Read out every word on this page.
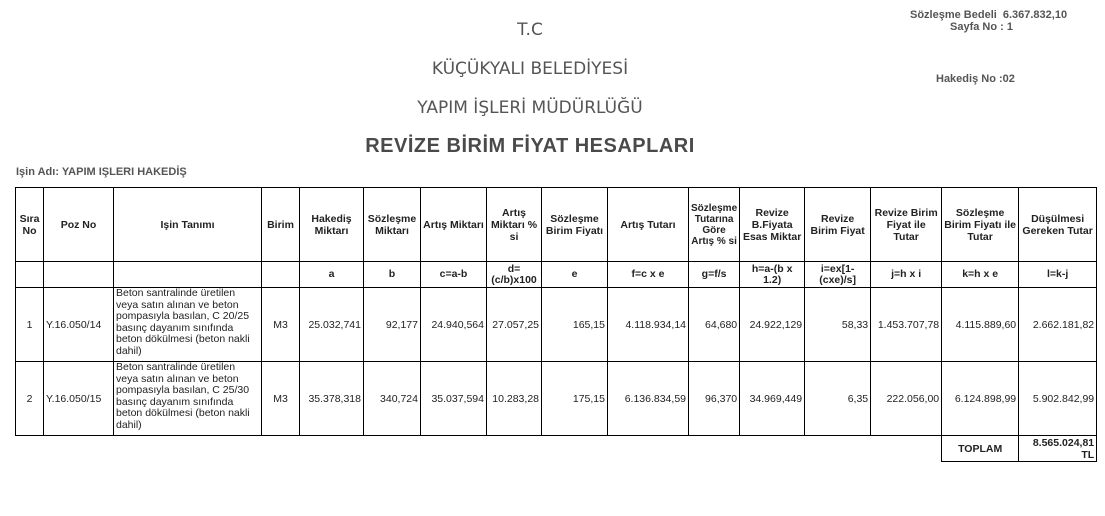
T.C
KÜÇÜKYALI BELEDİYESİ
YAPIM İŞLERİ MÜDÜRLÜĞÜ
REVİZE BİRİM FİYAT HESAPLARI
Sözleşme Bedeli 6.367.832,10
Sayfa No : 1
Hakediş No :02
Işin Adı: YAPIM IŞLERI HAKEDİŞ
Sıra No	Poz No	Işin Tanımı	Birim	Hakediş Miktarı	Sözleşme Miktarı	Artış Miktarı	Artış Miktarı % si	Sözleşme Birim Fiyatı	Artış Tutarı	Sözleşme Tutarına Göre Artış % si	Revize B.Fiyata Esas Miktar	Revize Birim Fiyat	Revize Birim Fiyat ile Tutar	Sözleşme Birim Fiyatı ile Tutar	Düşülmesi Gereken Tutar
				a	b	c=a-b	d=(c/b)x100	e	f=c x e	g=f/s	h=a-(b x 1.2)	i=ex[1-(cxe)/s]	j=h x i	k=h x e	l=k-j
1	Y.16.050/14	Beton santralinde üretilen veya satın alınan ve beton pompasıyla basılan, C 20/25 basınç dayanım sınıfında beton dökülmesi (beton nakli dahil)	M3	25.032,741	92,177	24.940,564	27.057,25	165,15	4.118.934,14	64,680	24.922,129	58,33	1.453.707,78	4.115.889,60	2.662.181,82
2	Y.16.050/15	Beton santralinde üretilen veya satın alınan ve beton pompasıyla basılan, C 25/30 basınç dayanım sınıfında beton dökülmesi (beton nakli dahil)	M3	35.378,318	340,724	35.037,594	10.283,28	175,15	6.136.834,59	96,370	34.969,449	6,35	222.056,00	6.124.898,99	5.902.842,99
														TOPLAM	8.565.024,81
TL
